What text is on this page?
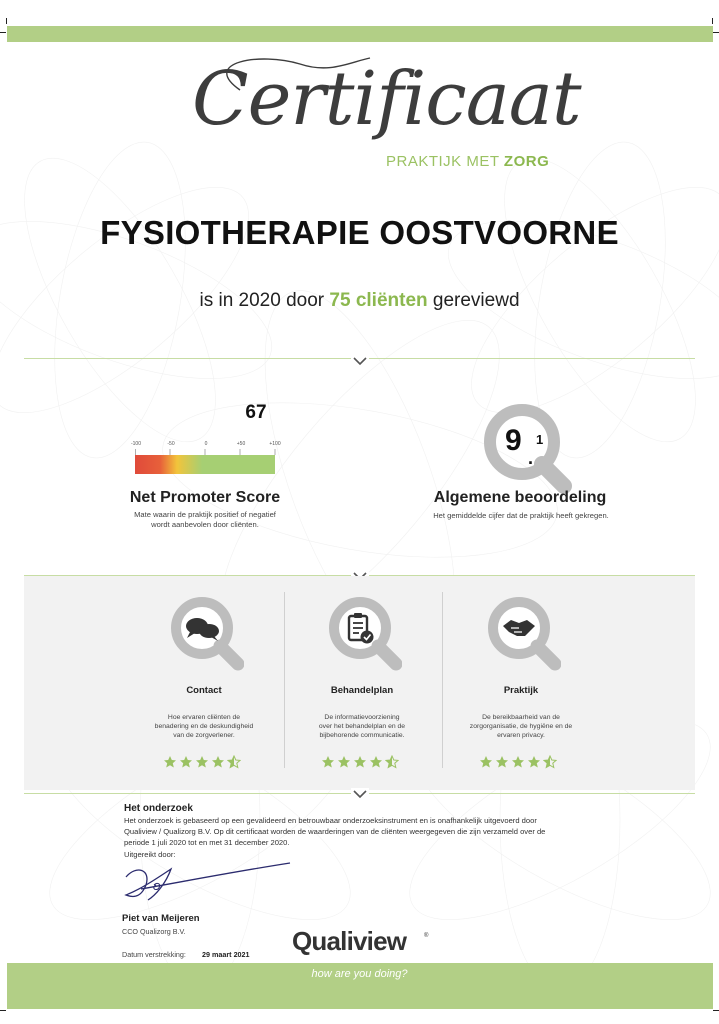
Certificaat
PRAKTIJK MET ZORG
FYSIOTHERAPIE OOSTVOORNE
is in 2020 door 75 cliënten gereviewd
67
-100	-50	0	+50	+100
Net Promoter Score
Mate waarin de praktijk positief of negatief
wordt aanbevolen door cliënten.
9
.
1
Algemene beoordeling
Het gemiddelde cijfer dat de praktijk heeft gekregen.
Contact
Hoe ervaren cliënten de
benadering en de deskundigheid
van de zorgverlener.
Behandelplan
De informatievoorziening
over het behandelplan en de
bijbehorende communicatie.
Praktijk
De bereikbaarheid van de
zorgorganisatie, de hygiëne en de
ervaren privacy.
Het onderzoek
Het onderzoek is gebaseerd op een gevalideerd en betrouwbaar onderzoeksinstrument en is onafhankelijk uitgevoerd door
Qualiview / Qualizorg B.V. Op dit certificaat worden de waarderingen van de cliënten weergegeven die zijn verzameld over de
periode 1 juli 2020 tot en met 31 december 2020.
Uitgereikt door:
Piet van Meijeren
CCO Qualizorg B.V.
Datum verstrekking: 29 maart 2021 Qualiview	®
how are you doing?
